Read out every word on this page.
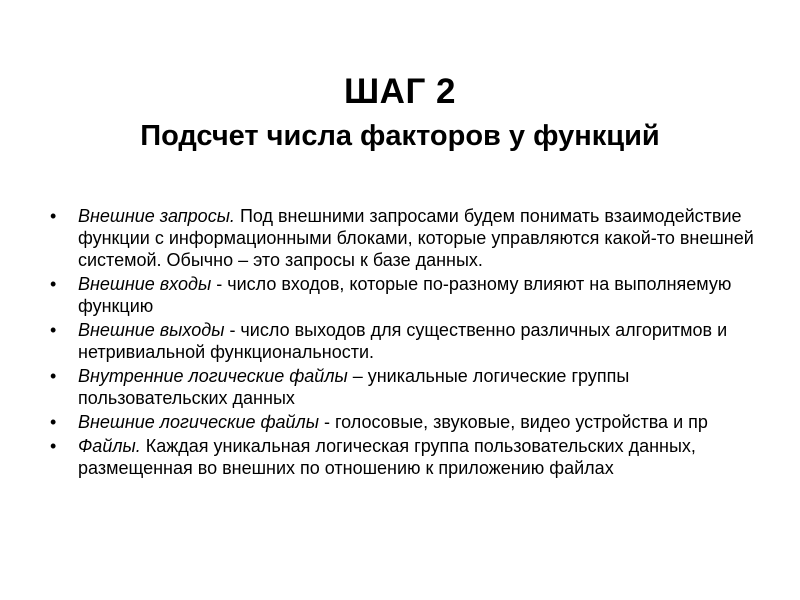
ШАГ 2
Подсчет числа факторов у функций
• Внешние запросы. Под внешними запросами будем понимать взаимодействие функции с информационными блоками, которые управляются какой-то внешней системой. Обычно – это запросы к базе данных.
• Внешние входы - число входов, которые по-разному влияют на выполняемую функцию
• Внешние выходы - число выходов для существенно различных алгоритмов и нетривиальной функциональности.
• Внутренние логические файлы – уникальные логические группы пользовательских данных
• Внешние логические файлы - голосовые, звуковые, видео устройства и пр
• Файлы. Каждая уникальная логическая группа пользовательских данных, размещенная во внешних по отношению к приложению файлах
